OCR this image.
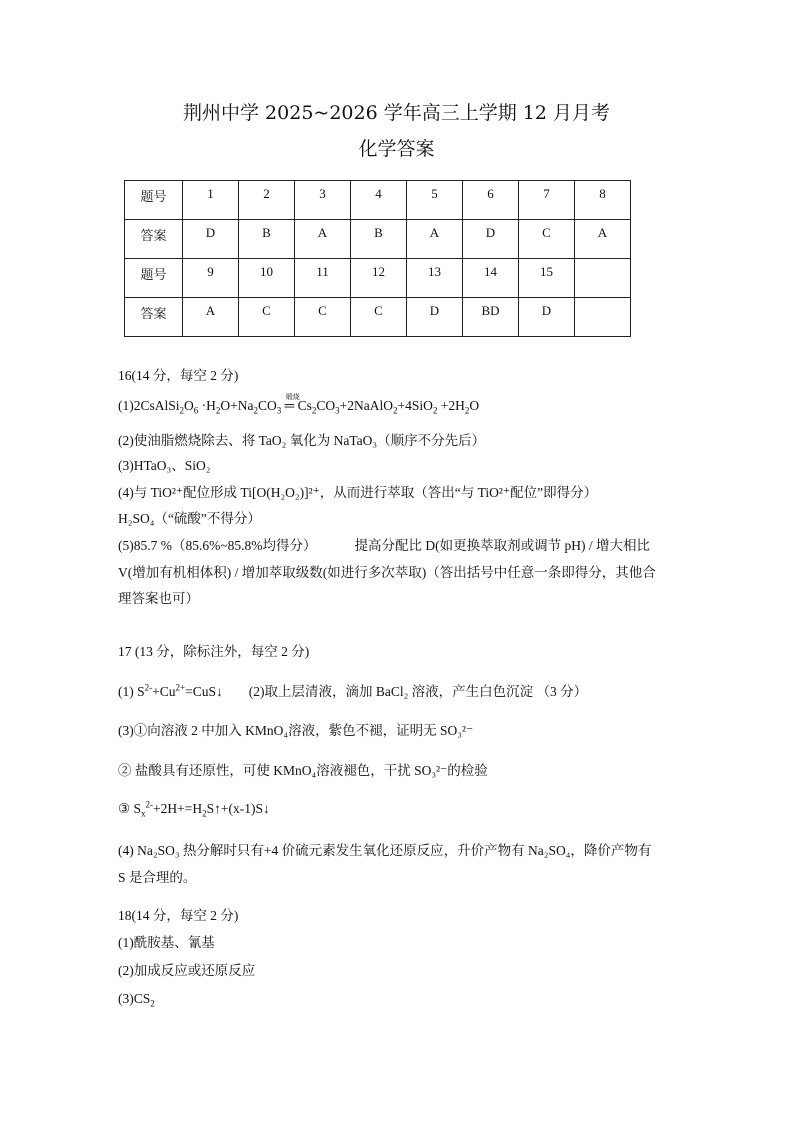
荆州中学 2025~2026 学年高三上学期 12 月月考
化学答案
题号	1	2	3	4	5	6	7	8
答案	D	B	A	B	A	D	C	A
题号	9	10	11	12	13	14	15	
答案	A	C	C	C	D	BD	D	
16(14 分，每空 2 分)
$(1)2CsAlSi_2O_6 \cdot H_2O+Na_2CO_3$ ═
煅烧
$Cs_2CO_3+2NaAlO_2+4SiO_2 +2H_2O$
(2)使油脂燃烧除去、将 TaO₂ 氧化为 NaTaO₃（顺序不分先后）
(3)HTaO₃、SiO₂
(4)与 TiO²⁺配位形成 Ti[O(H₂O₂)]²⁺，从而进行萃取（答出“与 TiO²⁺配位”即得分）
H₂SO₄（“硫酸”不得分）
(5)85.7 %（85.6%~85.8%均得分）	提高分配比 D(如更换萃取剂或调节 pH) / 增大相比
V(增加有机相体积) / 增加萃取级数(如进行多次萃取)（答出括号中任意一条即得分，其他合
理答案也可）
17 (13 分，除标注外，每空 2 分)
(1) $S^{2-}+Cu^{2+}=CuS↓$ (2)取上层清液，滴加 BaCl₂ 溶液，产生白色沉淀 （3 分）
(3)①向溶液 2 中加入 KMnO₄溶液，紫色不褪，证明无 SO₃²⁻
② 盐酸具有还原性，可使 KMnO₄溶液褪色，干扰 SO₃²⁻的检验
③ $S_x^{2-}+2H+=H_2S↑+(x-1)S↓$
(4) Na₂SO₃ 热分解时只有+4 价硫元素发生氧化还原反应，升价产物有 Na₂SO₄，降价产物有
S 是合理的。
18(14 分，每空 2 分)
(1)酰胺基、氰基
(2)加成反应或还原反应
$(3)CS_2$
